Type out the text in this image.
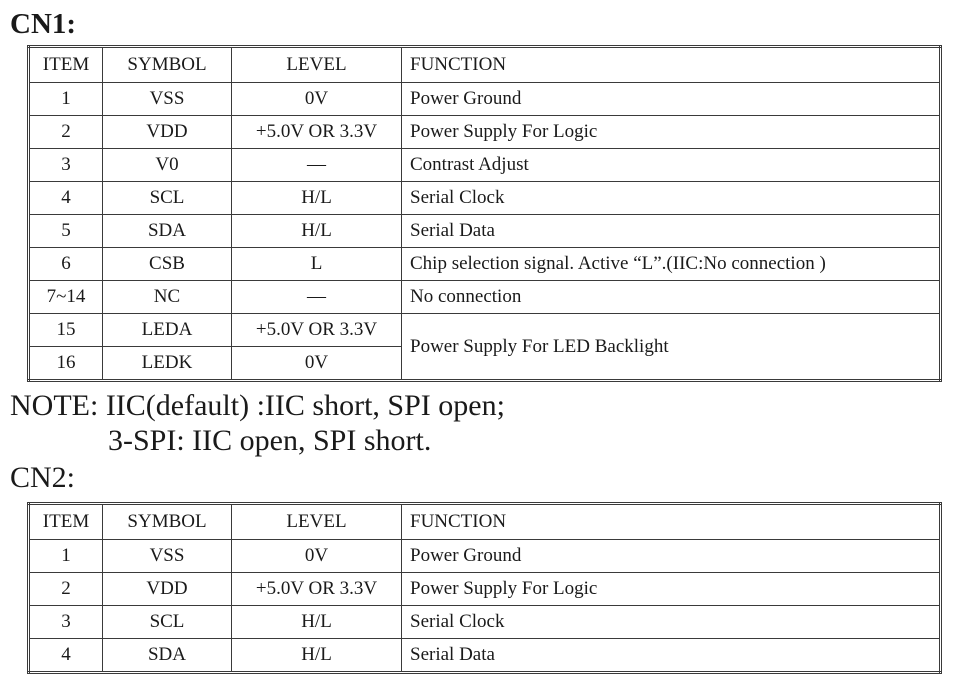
CN1:
ITEM	SYMBOL	LEVEL	FUNCTION
1	VSS	0V	Power Ground
2	VDD	+5.0V OR 3.3V	Power Supply For Logic
3	V0	—	Contrast Adjust
4	SCL	H/L	Serial Clock
5	SDA	H/L	Serial Data
6	CSB	L	Chip selection signal. Active “L”.(IIC:No connection )
7~14	NC	—	No connection
15	LEDA	+5.0V OR 3.3V	Power Supply For LED Backlight
16	LEDK	0V	
NOTE: IIC(default) :IIC short, SPI open;
3-SPI: IIC open, SPI short.
CN2:
ITEM	SYMBOL	LEVEL	FUNCTION
1	VSS	0V	Power Ground
2	VDD	+5.0V OR 3.3V	Power Supply For Logic
3	SCL	H/L	Serial Clock
4	SDA	H/L	Serial Data
